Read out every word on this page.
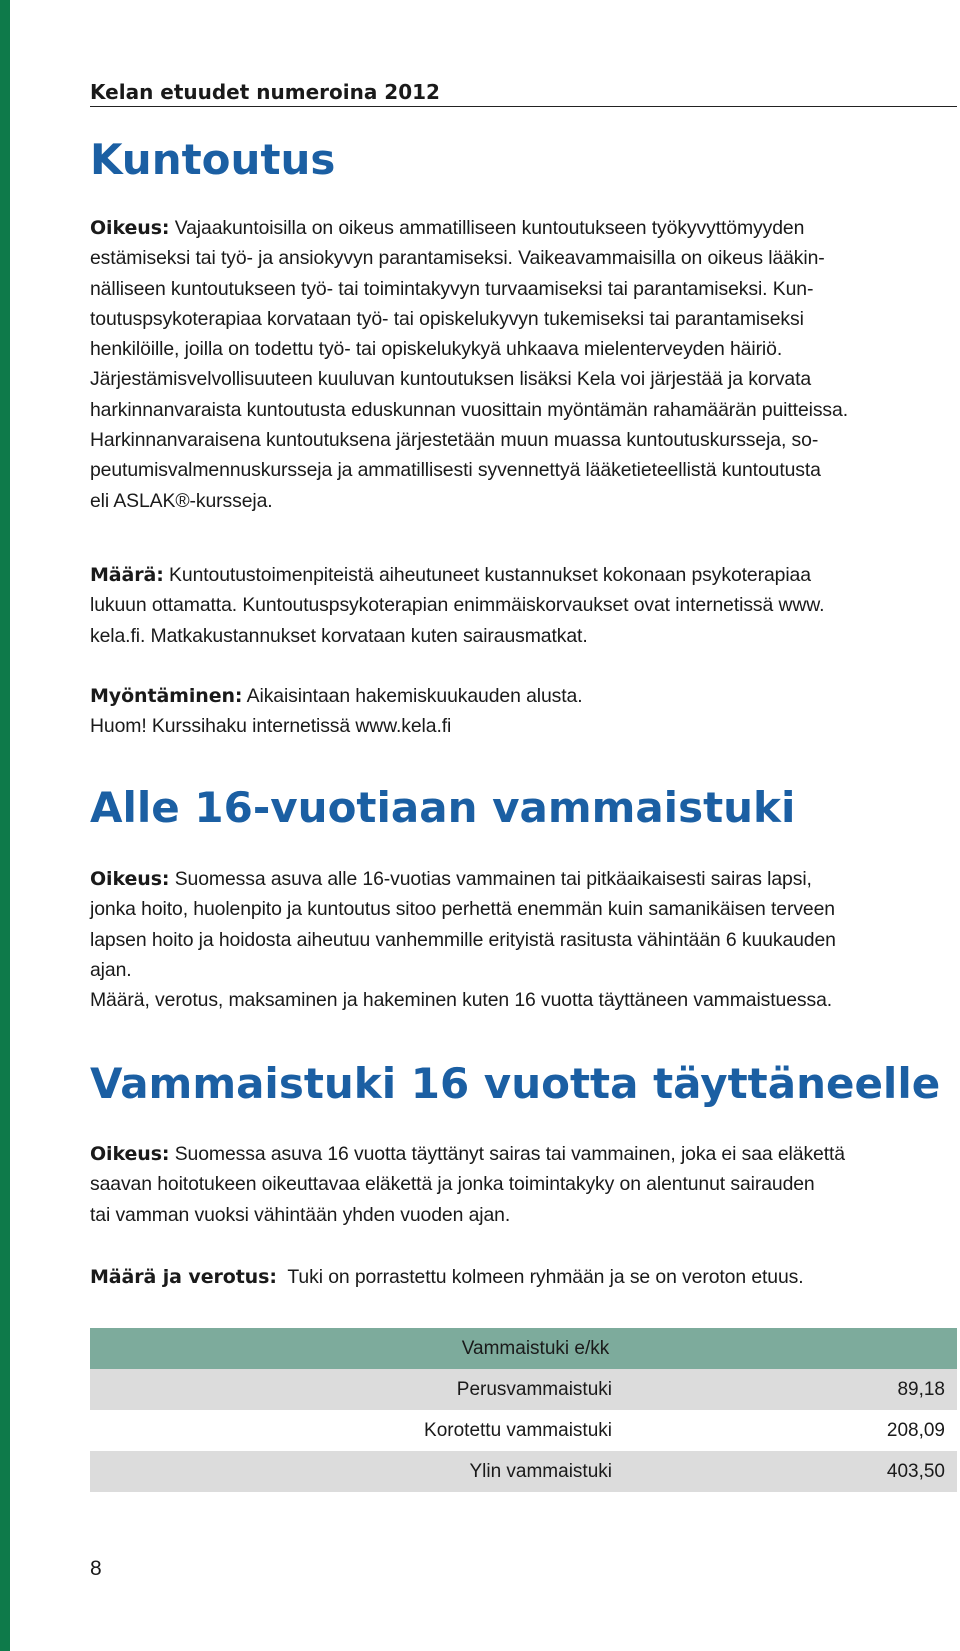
Kelan etuudet numeroina 2012
Kuntoutus

Oikeus: Vajaakuntoisilla on oikeus ammatilliseen kuntoutukseen työkyvyttömyyden
estämiseksi tai työ- ja ansiokyvyn parantamiseksi. Vaikeavammaisilla on oikeus lääkin-
nälliseen kuntoutukseen työ- tai toimintakyvyn turvaamiseksi tai parantamiseksi. Kun-
toutuspsykoterapiaa korvataan työ- tai opiskelukyvyn tukemiseksi tai parantamiseksi
henkilöille, joilla on todettu työ- tai opiskelukykyä uhkaava mielenterveyden häiriö.
Järjestämisvelvollisuuteen kuuluvan kuntoutuksen lisäksi Kela voi järjestää ja korvata
harkinnanvaraista kuntoutusta eduskunnan vuosittain myöntämän rahamäärän puitteissa.
Harkinnanvaraisena kuntoutuksena järjestetään muun muassa kuntoutuskursseja, so-
peutumisvalmennuskursseja ja ammatillisesti syvennettyä lääketieteellistä kuntoutusta
eli ASLAK®-kursseja.

Määrä: Kuntoutustoimenpiteistä aiheutuneet kustannukset kokonaan psykoterapiaa
lukuun ottamatta. Kuntoutuspsykoterapian enimmäiskorvaukset ovat internetissä www.
kela.fi. Matkakustannukset korvataan kuten sairausmatkat.

Myöntäminen: Aikaisintaan hakemiskuukauden alusta.
Huom! Kurssihaku internetissä www.kela.fi

Alle 16-vuotiaan vammaistuki

Oikeus: Suomessa asuva alle 16-vuotias vammainen tai pitkäaikaisesti sairas lapsi,
jonka hoito, huolenpito ja kuntoutus sitoo perhettä enemmän kuin samanikäisen terveen
lapsen hoito ja hoidosta aiheutuu vanhemmille erityistä rasitusta vähintään 6 kuukauden
ajan.
Määrä, verotus, maksaminen ja hakeminen kuten 16 vuotta täyttäneen vammaistuessa.

Vammaistuki 16 vuotta täyttäneelle

Oikeus: Suomessa asuva 16 vuotta täyttänyt sairas tai vammainen, joka ei saa eläkettä
saavan hoitotukeen oikeuttavaa eläkettä ja jonka toimintakyky on alentunut sairauden
tai vamman vuoksi vähintään yhden vuoden ajan.

Määrä ja verotus: Tuki on porrastettu kolmeen ryhmään ja se on veroton etuus.

Vammaistuki e/kk	
Perusvammaistuki	89,18
Korotettu vammaistuki	208,09
Ylin vammaistuki	403,50
8
